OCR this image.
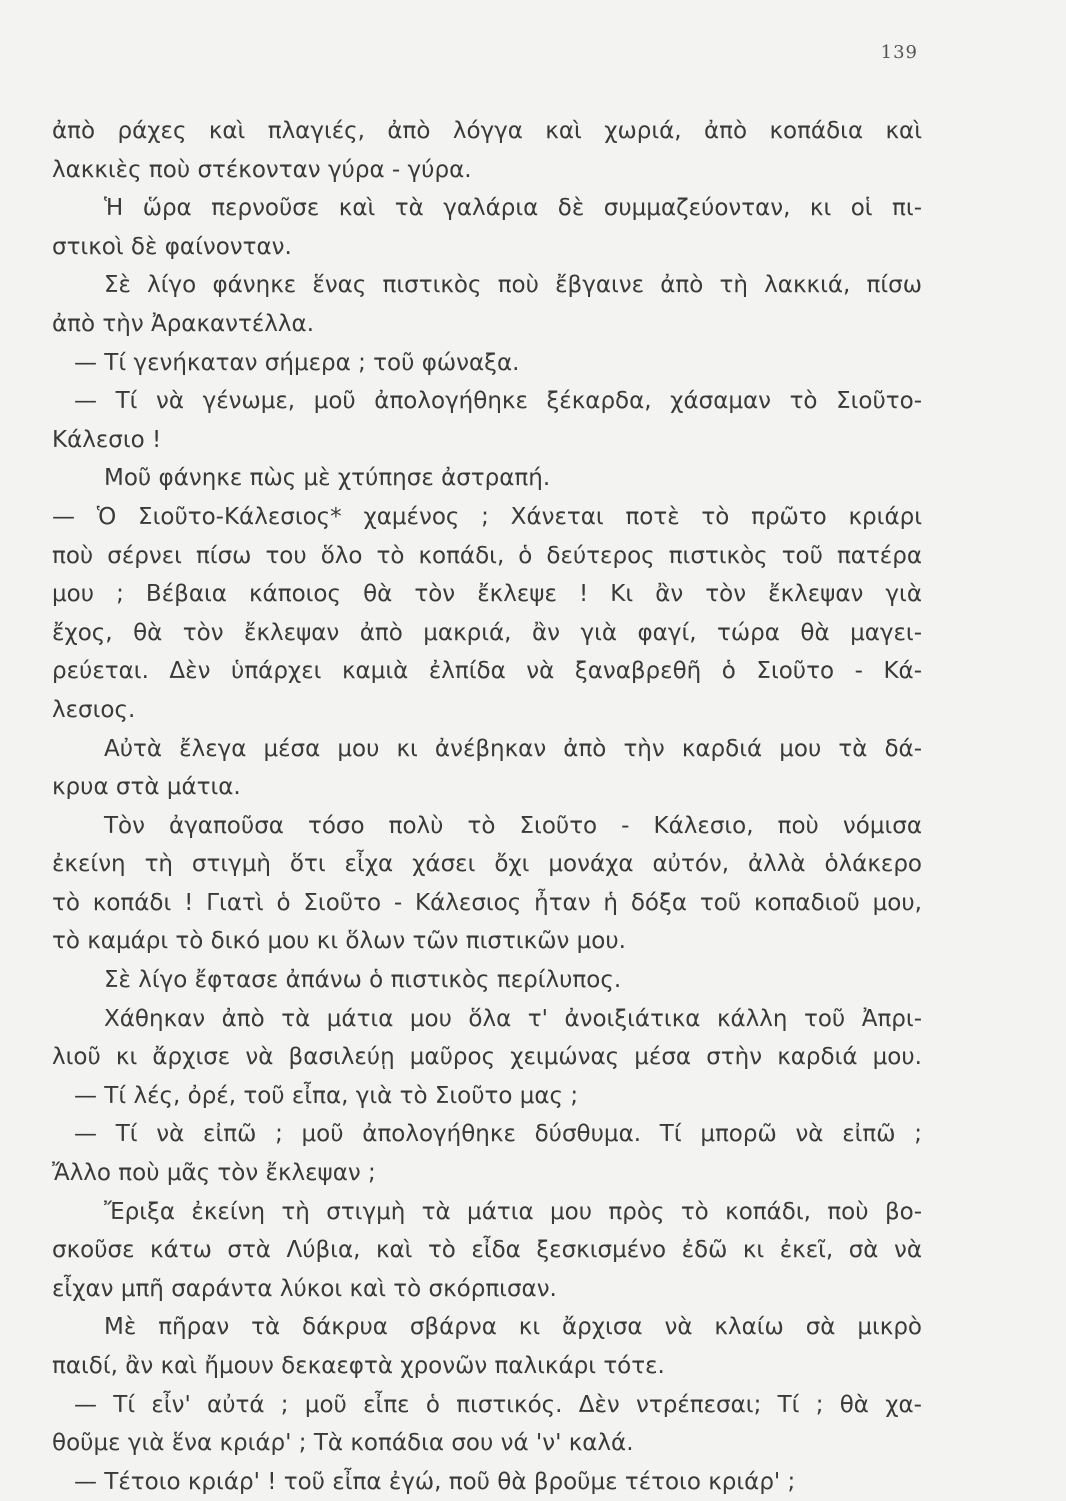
139
ἀπὸ ράχες καὶ πλαγιές, ἀπὸ λόγγα καὶ χωριά, ἀπὸ κοπάδια καὶ
λακκιὲς ποὺ στέκονταν γύρα - γύρα.
Ἡ ὥρα περνοῦσε καὶ τὰ γαλάρια δὲ συμμαζεύονταν, κι οἱ πι-
στικοὶ δὲ φαίνονταν.
Σὲ λίγο φάνηκε ἕνας πιστικὸς ποὺ ἔβγαινε ἀπὸ τὴ λακκιά, πίσω
ἀπὸ τὴν Ἀρακαντέλλα.
— Τί γενήκαταν σήμερα ; τοῦ φώναξα.
— Τί νὰ γένωμε, μοῦ ἀπολογήθηκε ξέκαρδα, χάσαμαν τὸ Σιοῦτο-
Κάλεσιο !
Μοῦ φάνηκε πὼς μὲ χτύπησε ἀστραπή.
— Ὁ Σιοῦτο-Κάλεσιος* χαμένος ; Χάνεται ποτὲ τὸ πρῶτο κριάρι
ποὺ σέρνει πίσω του ὅλο τὸ κοπάδι, ὁ δεύτερος πιστικὸς τοῦ πατέρα
μου ; Βέβαια κάποιος θὰ τὸν ἔκλεψε ! Κι ἂν τὸν ἔκλεψαν γιὰ
ἔχος, θὰ τὸν ἔκλεψαν ἀπὸ μακριά, ἂν γιὰ φαγί, τώρα θὰ μαγει-
ρεύεται. Δὲν ὑπάρχει καμιὰ ἐλπίδα νὰ ξαναβρεθῆ ὁ Σιοῦτο - Κά-
λεσιος.
Αὐτὰ ἔλεγα μέσα μου κι ἀνέβηκαν ἀπὸ τὴν καρδιά μου τὰ δά-
κρυα στὰ μάτια.
Τὸν ἀγαποῦσα τόσο πολὺ τὸ Σιοῦτο - Κάλεσιο, ποὺ νόμισα
ἐκείνη τὴ στιγμὴ ὅτι εἶχα χάσει ὄχι μονάχα αὐτόν, ἀλλὰ ὁλάκερο
τὸ κοπάδι ! Γιατὶ ὁ Σιοῦτο - Κάλεσιος ἦταν ἡ δόξα τοῦ κοπαδιοῦ μου,
τὸ καμάρι τὸ δικό μου κι ὅλων τῶν πιστικῶν μου.
Σὲ λίγο ἔφτασε ἀπάνω ὁ πιστικὸς περίλυπος.
Χάθηκαν ἀπὸ τὰ μάτια μου ὅλα τ' ἀνοιξιάτικα κάλλη τοῦ Ἀπρι-
λιοῦ κι ἄρχισε νὰ βασιλεύῃ μαῦρος χειμώνας μέσα στὴν καρδιά μου.
— Τί λές, ὀρέ, τοῦ εἶπα, γιὰ τὸ Σιοῦτο μας ;
— Τί νὰ εἰπῶ ; μοῦ ἀπολογήθηκε δύσθυμα. Τί μπορῶ νὰ εἰπῶ ;
Ἄλλο ποὺ μᾶς τὸν ἔκλεψαν ;
Ἔριξα ἐκείνη τὴ στιγμὴ τὰ μάτια μου πρὸς τὸ κοπάδι, ποὺ βο-
σκοῦσε κάτω στὰ Λύβια, καὶ τὸ εἶδα ξεσκισμένο ἐδῶ κι ἐκεῖ, σὰ νὰ
εἶχαν μπῆ σαράντα λύκοι καὶ τὸ σκόρπισαν.
Μὲ πῆραν τὰ δάκρυα σβάρνα κι ἄρχισα νὰ κλαίω σὰ μικρὸ
παιδί, ἂν καὶ ἤμουν δεκαεφτὰ χρονῶν παλικάρι τότε.
— Τί εἶν' αὐτά ; μοῦ εἶπε ὁ πιστικός. Δὲν ντρέπεσαι; Τί ; θὰ χα-
θοῦμε γιὰ ἕνα κριάρ' ; Τὰ κοπάδια σου νά 'ν' καλά.
— Τέτοιο κριάρ' ! τοῦ εἶπα ἐγώ, ποῦ θὰ βροῦμε τέτοιο κριάρ' ;
